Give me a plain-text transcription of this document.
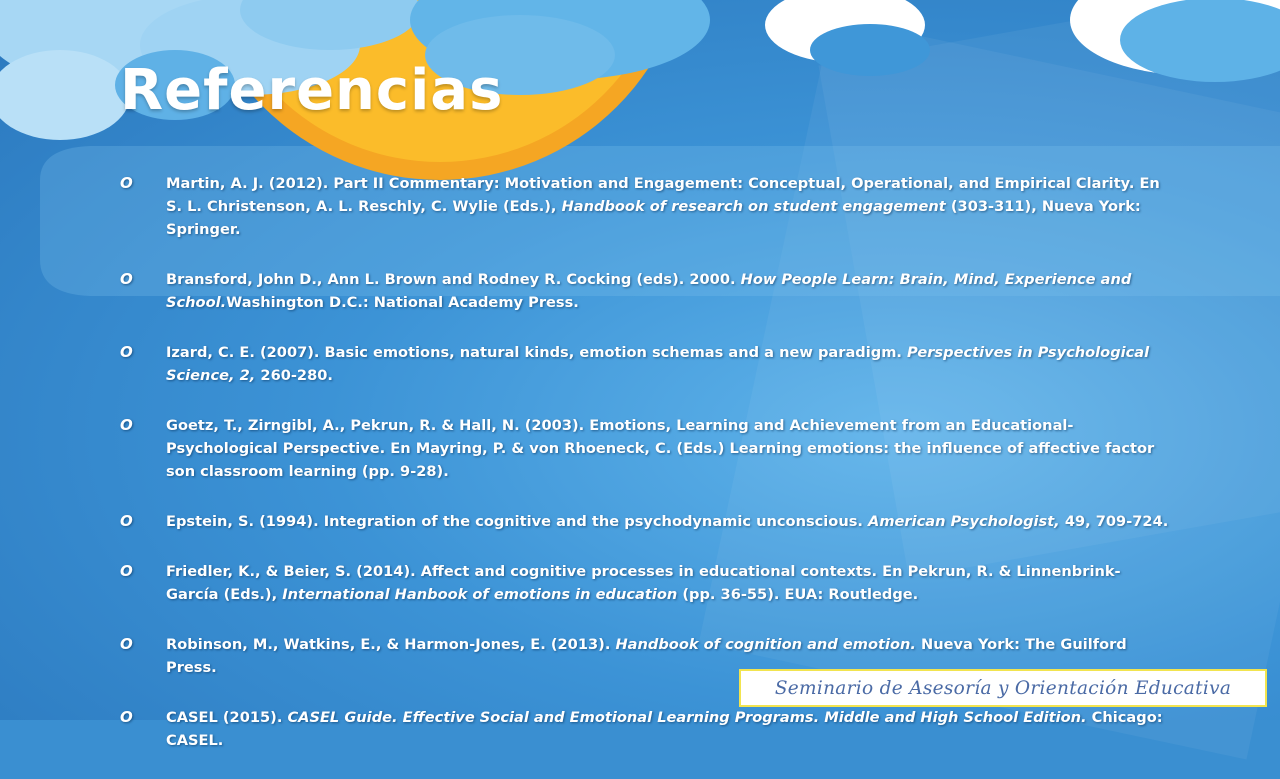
Referencias
O Martin, A. J. (2012). Part II Commentary: Motivation and Engagement: Conceptual, Operational, and Empirical Clarity. En S. L. Christenson, A. L. Reschly, C. Wylie (Eds.), Handbook of research on student engagement (303-311), Nueva York: Springer.
O Bransford, John D., Ann L. Brown and Rodney R. Cocking (eds). 2000. How People Learn: Brain, Mind, Experience and School.Washington D.C.: National Academy Press.
O Izard, C. E. (2007). Basic emotions, natural kinds, emotion schemas and a new paradigm. Perspectives in Psychological Science, 2, 260-280.
O Goetz, T., Zirngibl, A., Pekrun, R. & Hall, N. (2003). Emotions, Learning and Achievement from an Educational-Psychological Perspective. En Mayring, P. & von Rhoeneck, C. (Eds.) Learning emotions: the influence of affective factor son classroom learning (pp. 9-28).
O Epstein, S. (1994). Integration of the cognitive and the psychodynamic unconscious. American Psychologist, 49, 709-724.
O Friedler, K., & Beier, S. (2014). Affect and cognitive processes in educational contexts. En Pekrun, R. & Linnenbrink-García (Eds.), International Hanbook of emotions in education (pp. 36-55). EUA: Routledge.
O Robinson, M., Watkins, E., & Harmon-Jones, E. (2013). Handbook of cognition and emotion. Nueva York: The Guilford Press.
O CASEL (2015). CASEL Guide. Effective Social and Emotional Learning Programs. Middle and High School Edition. Chicago: CASEL.
Seminario de Asesoría y Orientación Educativa
